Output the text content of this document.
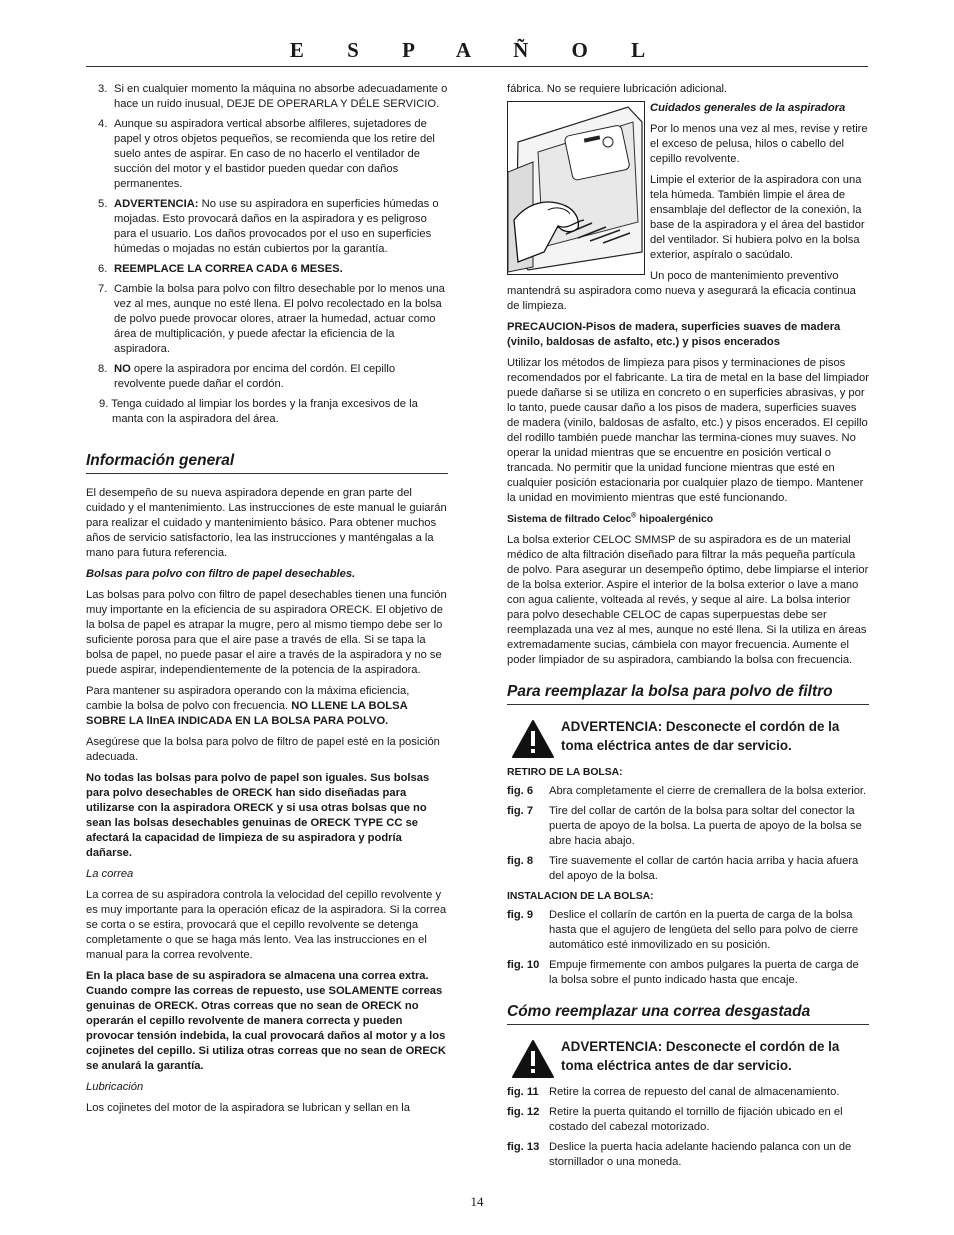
E S P A Ñ O L
3. Si en cualquier momento la máquina no absorbe adecuadamente o hace un ruido inusual, DEJE DE OPERARLA Y DÉLE SERVICIO.
4. Aunque su aspiradora vertical absorbe alfileres, sujetadores de papel y otros objetos pequeños, se recomienda que los retire del suelo antes de aspirar. En caso de no hacerlo el ventilador de succión del motor y el bastidor pueden quedar con daños permanentes.
5. ADVERTENCIA: No use su aspiradora en superficies húmedas o mojadas. Esto provocará daños en la aspiradora y es peligroso para el usuario. Los daños provocados por el uso en superficies húmedas o mojadas no están cubiertos por la garantía.
6. REEMPLACE LA CORREA CADA 6 MESES.
7. Cambie la bolsa para polvo con filtro desechable por lo menos una vez al mes, aunque no esté llena. El polvo recolectado en la bolsa de polvo puede provocar olores, atraer la humedad, actuar como área de multiplicación, y puede afectar la eficiencia de la aspiradora.
8. NO opere la aspiradora por encima del cordón. El cepillo revolvente puede dañar el cordón.
9. Tenga cuidado al limpiar los bordes y la franja excesivos de la manta con la aspiradora del área.
Información general

El desempeño de su nueva aspiradora depende en gran parte del cuidado y el mantenimiento. Las instrucciones de este manual le guiarán para realizar el cuidado y mantenimiento básico. Para obtener muchos años de servicio satisfactorio, lea las instrucciones y manténgalas a la mano para futura referencia.

Bolsas para polvo con filtro de papel desechables.

Las bolsas para polvo con filtro de papel desechables tienen una función muy importante en la eficiencia de su aspiradora ORECK. El objetivo de la bolsa de papel es atrapar la mugre, pero al mismo tiempo debe ser lo suficiente porosa para que el aire pase a través de ella. Si se tapa la bolsa de papel, no puede pasar el aire a través de la aspiradora y no se puede aspirar, independientemente de la potencia de la aspiradora.

Para mantener su aspiradora operando con la máxima eficiencia, cambie la bolsa de polvo con frecuencia. NO LLENE LA BOLSA SOBRE LA lInEA INDICADA EN LA BOLSA PARA POLVO.

Asegúrese que la bolsa para polvo de filtro de papel esté en la posición adecuada.

No todas las bolsas para polvo de papel son iguales. Sus bolsas para polvo desechables de ORECK han sido diseñadas para utilizarse con la aspiradora ORECK y si usa otras bolsas que no sean las bolsas desechables genuinas de ORECK TYPE CC se afectará la capacidad de limpieza de su aspiradora y podría dañarse.

La correa

La correa de su aspiradora controla la velocidad del cepillo revolvente y es muy importante para la operación eficaz de la aspiradora. Si la correa se corta o se estira, provocará que el cepillo revolvente se detenga completamente o que se haga más lento. Vea las instrucciones en el manual para la correa revolvente.

En la placa base de su aspiradora se almacena una correa extra. Cuando compre las correas de repuesto, use SOLAMENTE correas genuinas de ORECK. Otras correas que no sean de ORECK no operarán el cepillo revolvente de manera correcta y pueden provocar tensión indebida, la cual provocará daños al motor y a los cojinetes del cepillo. Si utiliza otras correas que no sean de ORECK se anulará la garantía.

Lubricación

Los cojinetes del motor de la aspiradora se lubrican y sellan en la

fábrica. No se requiere lubricación adicional.

Cuidados generales de la aspiradora

Por lo menos una vez al mes, revise y retire el exceso de pelusa, hilos o cabello del cepillo revolvente.

Limpie el exterior de la aspiradora con una tela húmeda. También limpie el área de ensamblaje del deflector de la conexión, la base de la aspiradora y el área del bastidor del ventilador. Si hubiera polvo en la bolsa exterior, aspíralo o sacúdalo.

Un poco de mantenimiento preventivo mantendrá su aspiradora como nueva y asegurará la eficacia continua de limpieza.

PRECAUCION-Pisos de madera, superficies suaves de madera (vinilo, baldosas de asfalto, etc.) y pisos encerados

Utilizar los métodos de limpieza para pisos y terminaciones de pisos recomendados por el fabricante. La tira de metal en la base del limpiador puede dañarse si se utiliza en concreto o en superficies abrasivas, y por lo tanto, puede causar daño a los pisos de madera, superficies suaves de madera (vinilo, baldosas de asfalto, etc.) y pisos encerados. El cepillo del rodillo también puede manchar las termina-ciones muy suaves. No operar la unidad mientras que se encuentre en posición vertical o trancada. No permitir que la unidad funcione mientras que esté en cualquier posición estacionaria por cualquier plazo de tiempo. Mantener la unidad en movimiento mientras que esté funcionando.

Sistema de filtrado Celoc® hipoalergénico

La bolsa exterior CELOC SMMSP de su aspiradora es de un material médico de alta filtración diseñado para filtrar la más pequeña partícula de polvo. Para asegurar un desempeño óptimo, debe limpiarse el interior de la bolsa exterior. Aspire el interior de la bolsa exterior o lave a mano con agua caliente, volteada al revés, y seque al aire. La bolsa interior para polvo desechable CELOC de capas superpuestas debe ser reemplazada una vez al mes, aunque no esté llena. Si la utiliza en áreas extremadamente sucias, cámbiela con mayor frecuencia. Aumente el poder limpiador de su aspiradora, cambiando la bolsa con frecuencia.

Para reemplazar la bolsa para polvo de filtro
ADVERTENCIA: Desconecte el cordón de la toma eléctrica antes de dar servicio.

RETIRO DE LA BOLSA:

fig. 6 Abra completamente el cierre de cremallera de la bolsa exterior.
fig. 7 Tire del collar de cartón de la bolsa para soltar del conector la puerta de apoyo de la bolsa. La puerta de apoyo de la bolsa se abre hacia abajo.
fig. 8 Tire suavemente el collar de cartón hacia arriba y hacia afuera del apoyo de la bolsa.

INSTALACION DE LA BOLSA:

fig. 9 Deslice el collarín de cartón en la puerta de carga de la bolsa hasta que el agujero de lengüeta del sello para polvo de cierre automático esté inmovilizado en su posición.
fig. 10 Empuje firmemente con ambos pulgares la puerta de carga de la bolsa sobre el punto indicado hasta que encaje.
Cómo reemplazar una correa desgastada
ADVERTENCIA: Desconecte el cordón de la toma eléctrica antes de dar servicio.
fig. 11 Retire la correa de repuesto del canal de almacenamiento.
fig. 12 Retire la puerta quitando el tornillo de fijación ubicado en el costado del cabezal motorizado.
fig. 13 Deslice la puerta hacia adelante haciendo palanca con un de stornillador o una moneda.
14
